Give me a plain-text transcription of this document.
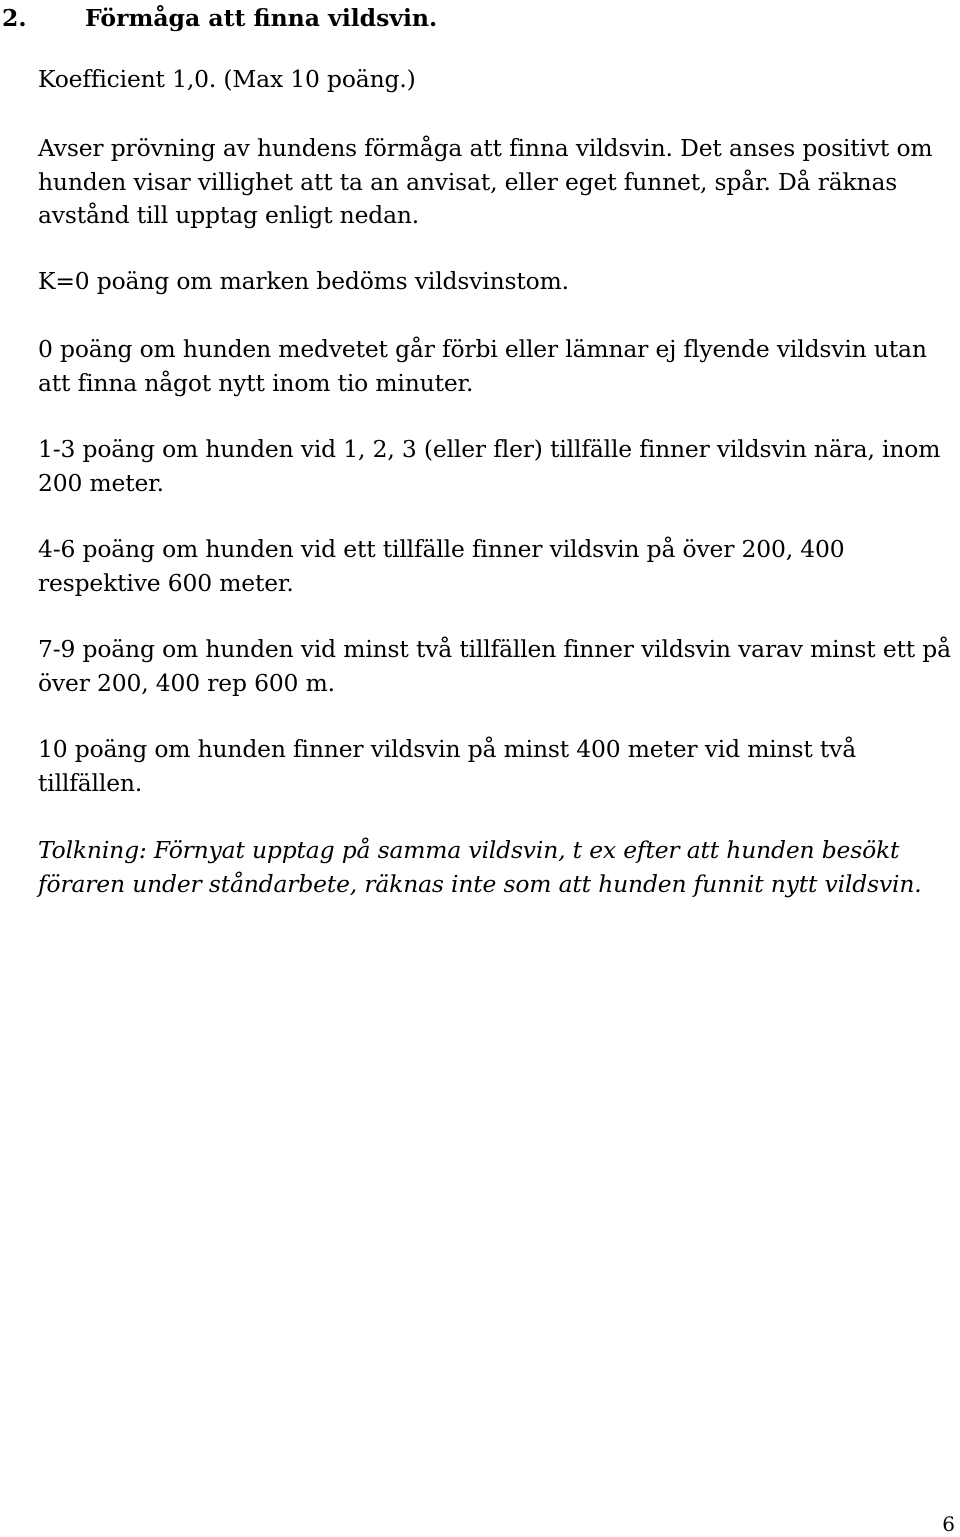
2. Förmåga att finna vildsvin.

Koefficient 1,0. (Max 10 poäng.)

Avser prövning av hundens förmåga att finna vildsvin. Det anses positivt om hunden visar villighet att ta an anvisat, eller eget funnet, spår. Då räknas avstånd till upptag enligt nedan.

K=0 poäng om marken bedöms vildsvinstom.

0 poäng om hunden medvetet går förbi eller lämnar ej flyende vildsvin utan att finna något nytt inom tio minuter.

1-3 poäng om hunden vid 1, 2, 3 (eller fler) tillfälle finner vildsvin nära, inom 200 meter.

4-6 poäng om hunden vid ett tillfälle finner vildsvin på över 200, 400 respektive 600 meter.

7-9 poäng om hunden vid minst två tillfällen finner vildsvin varav minst ett på över 200, 400 rep 600 m.

10 poäng om hunden finner vildsvin på minst 400 meter vid minst två tillfällen.

Tolkning: Förnyat upptag på samma vildsvin, t ex efter att hunden besökt föraren under ståndarbete, räknas inte som att hunden funnit nytt vildsvin.

6
